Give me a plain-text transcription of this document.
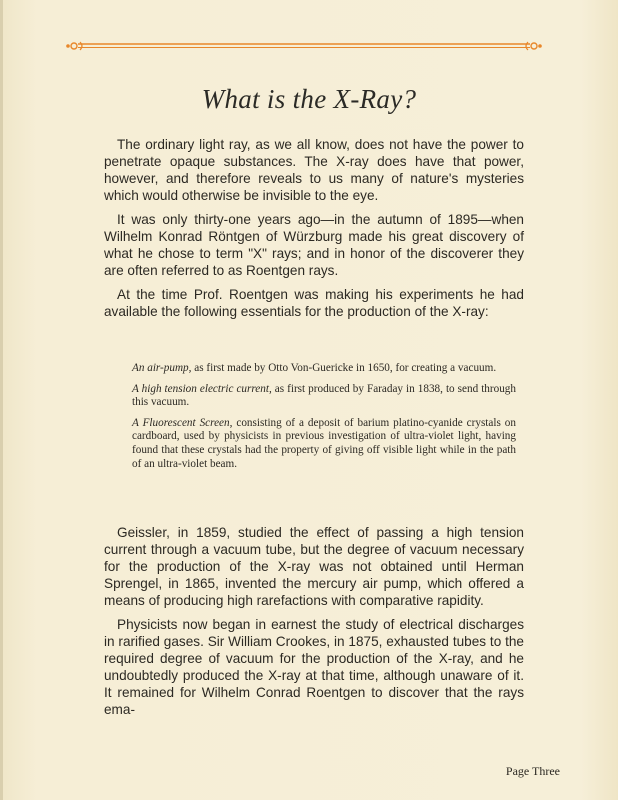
What is the X-Ray?

The ordinary light ray, as we all know, does not have the power to penetrate opaque substances. The X-ray does have that power, however, and therefore reveals to us many of nature's mysteries which would otherwise be invisible to the eye.

It was only thirty-one years ago—in the autumn of 1895—when Wilhelm Konrad Röntgen of Würzburg made his great discovery of what he chose to term "X" rays; and in honor of the discoverer they are often referred to as Roentgen rays.

At the time Prof. Roentgen was making his experiments he had available the following essentials for the production of the X-ray:

An air-pump, as first made by Otto Von-Guericke in 1650, for creating a vacuum.

A high tension electric current, as first produced by Faraday in 1838, to send through this vacuum.

A Fluorescent Screen, consisting of a deposit of barium platino-cyanide crystals on cardboard, used by physicists in previous investigation of ultra-violet light, having found that these crystals had the property of giving off visible light while in the path of an ultra-violet beam.

Geissler, in 1859, studied the effect of passing a high tension current through a vacuum tube, but the degree of vacuum necessary for the production of the X-ray was not obtained until Herman Sprengel, in 1865, invented the mercury air pump, which offered a means of producing high rarefactions with comparative rapidity.

Physicists now began in earnest the study of electrical discharges in rarified gases. Sir William Crookes, in 1875, exhausted tubes to the required degree of vacuum for the production of the X-ray, and he undoubtedly produced the X-ray at that time, although unaware of it. It remained for Wilhelm Conrad Roentgen to discover that the rays ema-

Page Three
